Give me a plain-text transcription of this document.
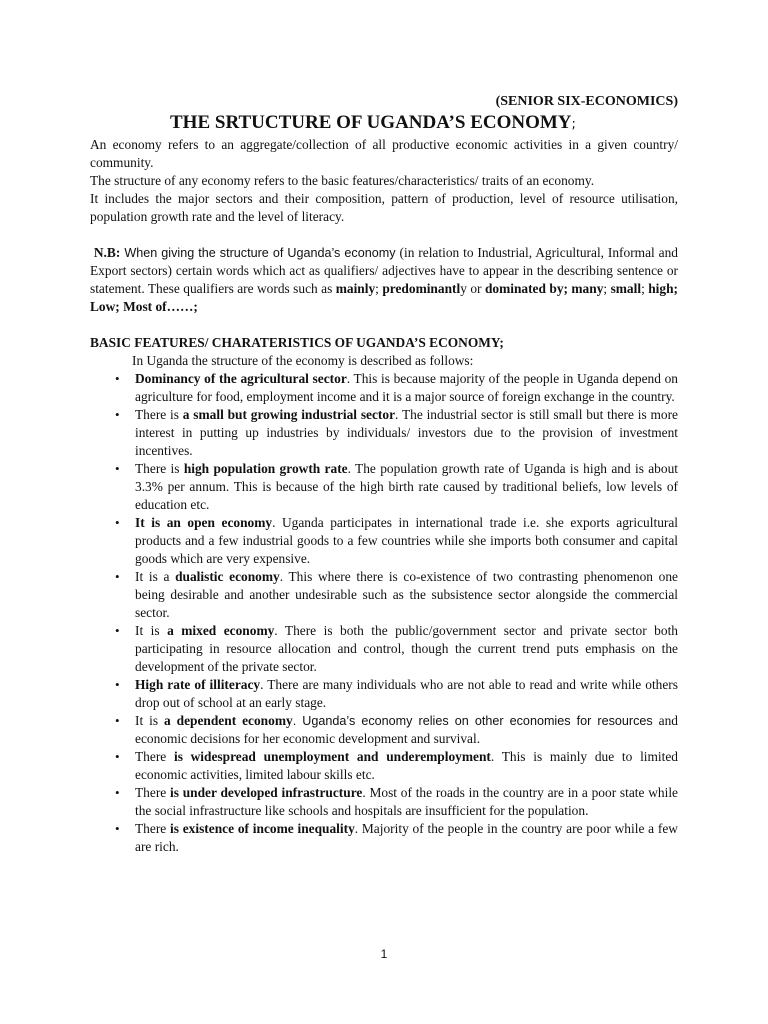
(SENIOR SIX-ECONOMICS)
THE SRTUCTURE OF UGANDA’S ECONOMY;

An economy refers to an aggregate/collection of all productive economic activities in a given country/ community.

The structure of any economy refers to the basic features/characteristics/ traits of an economy.

It includes the major sectors and their composition, pattern of production, level of resource utilisation, population growth rate and the level of literacy.

N.B: When giving the structure of Uganda’s economy (in relation to Industrial, Agricultural, Informal and Export sectors) certain words which act as qualifiers/ adjectives have to appear in the describing sentence or statement. These qualifiers are words such as mainly; predominantly or dominated by; many; small; high; Low; Most of……;

BASIC FEATURES/ CHARATERISTICS OF UGANDA’S ECONOMY;

In Uganda the structure of the economy is described as follows:

• Dominancy of the agricultural sector. This is because majority of the people in Uganda depend on agriculture for food, employment income and it is a major source of foreign exchange in the country.
• There is a small but growing industrial sector. The industrial sector is still small but there is more interest in putting up industries by individuals/ investors due to the provision of investment incentives.
• There is high population growth rate. The population growth rate of Uganda is high and is about 3.3% per annum. This is because of the high birth rate caused by traditional beliefs, low levels of education etc.
• It is an open economy. Uganda participates in international trade i.e. she exports agricultural products and a few industrial goods to a few countries while she imports both consumer and capital goods which are very expensive.
• It is a dualistic economy. This where there is co-existence of two contrasting phenomenon one being desirable and another undesirable such as the subsistence sector alongside the commercial sector.
• It is a mixed economy. There is both the public/government sector and private sector both participating in resource allocation and control, though the current trend puts emphasis on the development of the private sector.
• High rate of illiteracy. There are many individuals who are not able to read and write while others drop out of school at an early stage.
• It is a dependent economy. Uganda’s economy relies on other economies for resources and economic decisions for her economic development and survival.
• There is widespread unemployment and underemployment. This is mainly due to limited economic activities, limited labour skills etc.
• There is under developed infrastructure. Most of the roads in the country are in a poor state while the social infrastructure like schools and hospitals are insufficient for the population.
• There is existence of income inequality. Majority of the people in the country are poor while a few are rich.
1
